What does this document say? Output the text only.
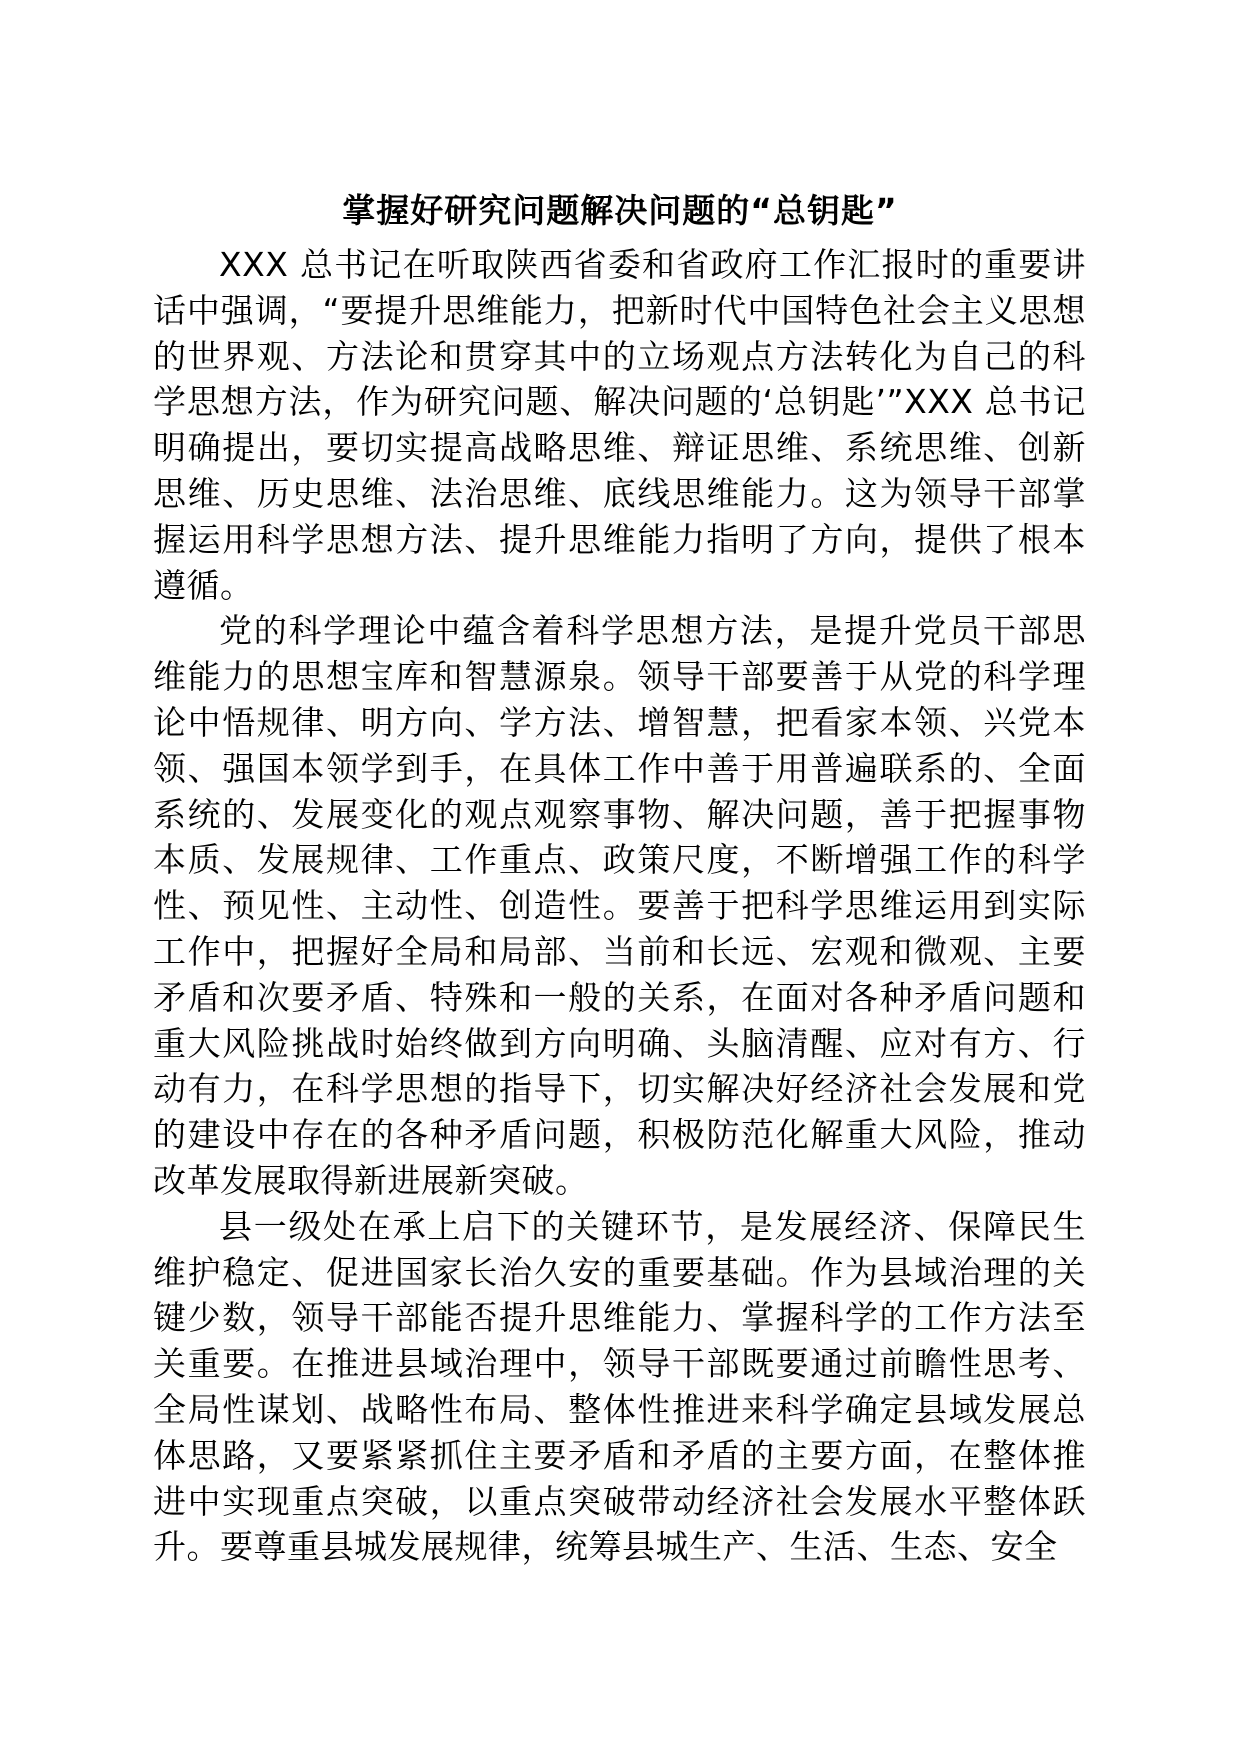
掌握好研究问题解决问题的“总钥匙”

XXX 总书记在听取陕西省委和省政府工作汇报时的重要讲话中强调，“要提升思维能力，把新时代中国特色社会主义思想的世界观、方法论和贯穿其中的立场观点方法转化为自己的科学思想方法，作为研究问题、解决问题的‘总钥匙’”XXX 总书记明确提出，要切实提高战略思维、辩证思维、系统思维、创新思维、历史思维、法治思维、底线思维能力。这为领导干部掌握运用科学思想方法、提升思维能力指明了方向，提供了根本遵循。

党的科学理论中蕴含着科学思想方法，是提升党员干部思维能力的思想宝库和智慧源泉。领导干部要善于从党的科学理论中悟规律、明方向、学方法、增智慧，把看家本领、兴党本领、强国本领学到手，在具体工作中善于用普遍联系的、全面系统的、发展变化的观点观察事物、解决问题，善于把握事物本质、发展规律、工作重点、政策尺度，不断增强工作的科学性、预见性、主动性、创造性。要善于把科学思维运用到实际工作中，把握好全局和局部、当前和长远、宏观和微观、主要矛盾和次要矛盾、特殊和一般的关系，在面对各种矛盾问题和重大风险挑战时始终做到方向明确、头脑清醒、应对有方、行动有力，在科学思想的指导下，切实解决好经济社会发展和党的建设中存在的各种矛盾问题，积极防范化解重大风险，推动改革发展取得新进展新突破。

县一级处在承上启下的关键环节，是发展经济、保障民生维护稳定、促进国家长治久安的重要基础。作为县域治理的关键少数，领导干部能否提升思维能力、掌握科学的工作方法至关重要。在推进县域治理中，领导干部既要通过前瞻性思考、全局性谋划、战略性布局、整体性推进来科学确定县域发展总体思路，又要紧紧抓住主要矛盾和矛盾的主要方面，在整体推进中实现重点突破，以重点突破带动经济社会发展水平整体跃升。要尊重县城发展规律，统筹县城生产、生活、生态、安全
